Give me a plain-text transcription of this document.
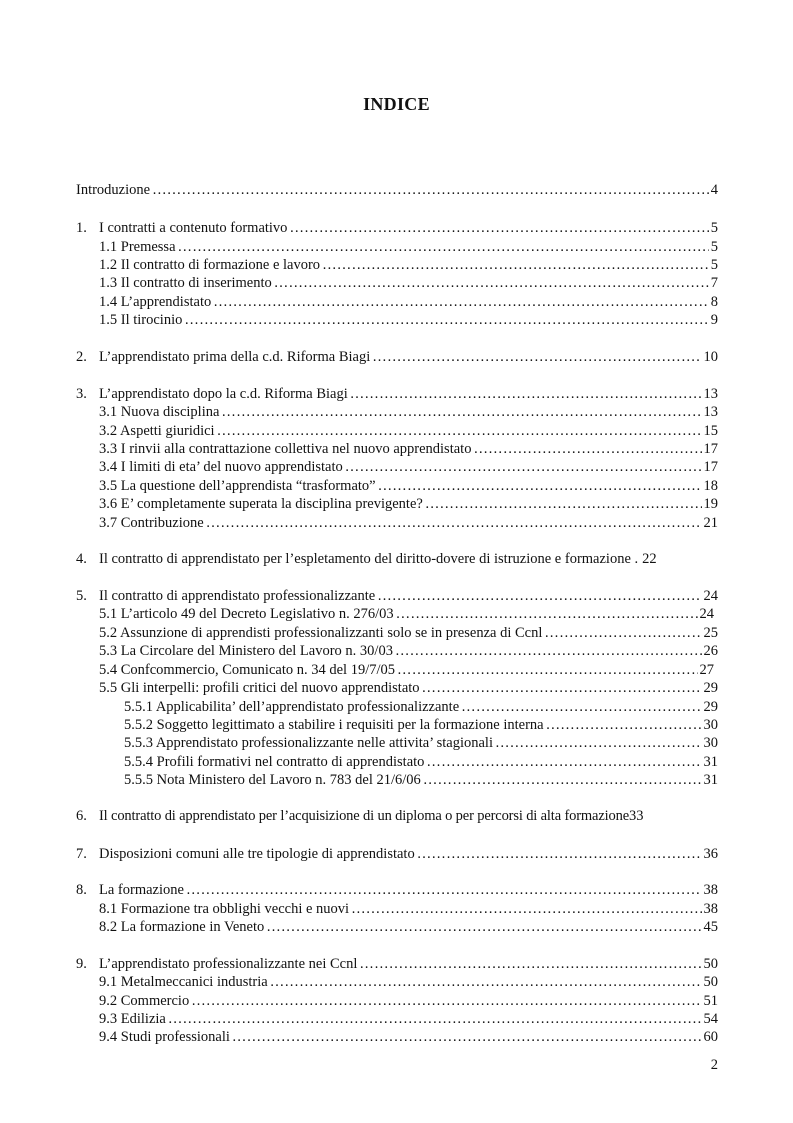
INDICE
Introduzione ………………………………………………………………………………………………………………………………………………………………………………………	4
1. I contratti a contenuto formativo ………………………………………………………………………………………………………………………………………………………………………………………	5
1.1 Premessa ………………………………………………………………………………………………………………………………………………………………………………………	5
1.2 Il contratto di formazione e lavoro ………………………………………………………………………………………………………………………………………………………………………………………	5
1.3 Il contratto di inserimento ………………………………………………………………………………………………………………………………………………………………………………………	7
1.4 L’apprendistato ………………………………………………………………………………………………………………………………………………………………………………………	8
1.5 Il tirocinio ………………………………………………………………………………………………………………………………………………………………………………………	9
2. L’apprendistato prima della c.d. Riforma Biagi ………………………………………………………………………………………………………………………………………………………………………………………	10
3. L’apprendistato dopo la c.d. Riforma Biagi ………………………………………………………………………………………………………………………………………………………………………………………	13
3.1 Nuova disciplina ………………………………………………………………………………………………………………………………………………………………………………………	13
3.2 Aspetti giuridici ………………………………………………………………………………………………………………………………………………………………………………………	15
3.3 I rinvii alla contrattazione collettiva nel nuovo apprendistato ………………………………………………………………………………………………………………………………………………………………………………………	17
3.4 I limiti di eta’ del nuovo apprendistato ………………………………………………………………………………………………………………………………………………………………………………………	17
3.5 La questione dell’apprendista “trasformato” ………………………………………………………………………………………………………………………………………………………………………………………	18
3.6 E’ completamente superata la disciplina previgente? ………………………………………………………………………………………………………………………………………………………………………………………	19
3.7 Contribuzione ………………………………………………………………………………………………………………………………………………………………………………………	21
4. Il contratto di apprendistato per l’espletamento del diritto-dovere di istruzione e formazione . 22
5. Il contratto di apprendistato professionalizzante ………………………………………………………………………………………………………………………………………………………………………………………	24
5.1 L’articolo 49 del Decreto Legislativo n. 276/03 ………………………………………………………………………………………………………………………………………………………………………………………	24
5.2 Assunzione di apprendisti professionalizzanti solo se in presenza di Ccnl ………………………………………………………………………………………………………………………………………………………………………………………	25
5.3 La Circolare del Ministero del Lavoro n. 30/03 ………………………………………………………………………………………………………………………………………………………………………………………	26
5.4 Confcommercio, Comunicato n. 34 del 19/7/05 ………………………………………………………………………………………………………………………………………………………………………………………	27
5.5 Gli interpelli: profili critici del nuovo apprendistato ………………………………………………………………………………………………………………………………………………………………………………………	29
5.5.1 Applicabilita’ dell’apprendistato professionalizzante ………………………………………………………………………………………………………………………………………………………………………………………	29
5.5.2 Soggetto legittimato a stabilire i requisiti per la formazione interna ………………………………………………………………………………………………………………………………………………………………………………………	30
5.5.3 Apprendistato professionalizzante nelle attivita’ stagionali ………………………………………………………………………………………………………………………………………………………………………………………	30
5.5.4 Profili formativi nel contratto di apprendistato ………………………………………………………………………………………………………………………………………………………………………………………	31
5.5.5 Nota Ministero del Lavoro n. 783 del 21/6/06 ………………………………………………………………………………………………………………………………………………………………………………………	31
6. Il contratto di apprendistato per l’acquisizione di un diploma o per percorsi di alta formazione 33
7. Disposizioni comuni alle tre tipologie di apprendistato ………………………………………………………………………………………………………………………………………………………………………………………	36
8. La formazione ………………………………………………………………………………………………………………………………………………………………………………………	38
8.1 Formazione tra obblighi vecchi e nuovi ………………………………………………………………………………………………………………………………………………………………………………………	38
8.2 La formazione in Veneto ………………………………………………………………………………………………………………………………………………………………………………………	45
9. L’apprendistato professionalizzante nei Ccnl ………………………………………………………………………………………………………………………………………………………………………………………	50
9.1 Metalmeccanici industria ………………………………………………………………………………………………………………………………………………………………………………………	50
9.2 Commercio ………………………………………………………………………………………………………………………………………………………………………………………	51
9.3 Edilizia ………………………………………………………………………………………………………………………………………………………………………………………	54
9.4 Studi professionali ………………………………………………………………………………………………………………………………………………………………………………………	60
2
